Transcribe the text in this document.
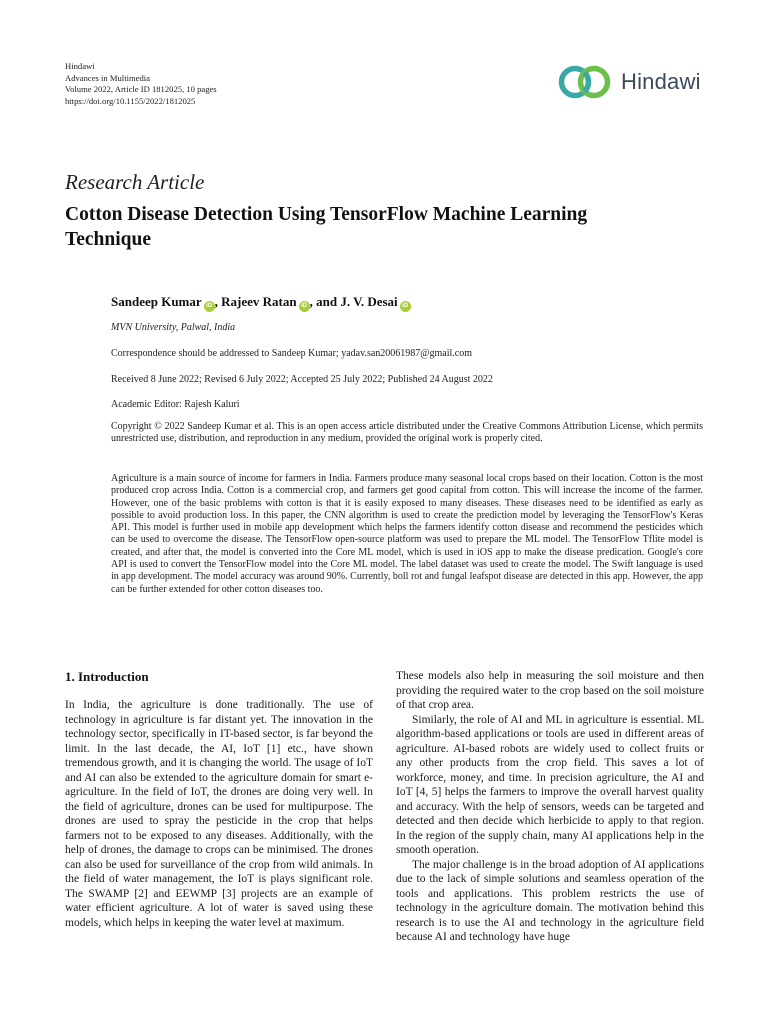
Hindawi
Advances in Multimedia
Volume 2022, Article ID 1812025, 10 pages
https://doi.org/10.1155/2022/1812025
Hindawi
Research Article
Cotton Disease Detection Using TensorFlow Machine Learning Technique
Sandeep Kumar iD , Rajeev Ratan iD , and J. V. Desai iD
MVN University, Palwal, India
Correspondence should be addressed to Sandeep Kumar; yadav.san20061987@gmail.com
Received 8 June 2022; Revised 6 July 2022; Accepted 25 July 2022; Published 24 August 2022
Academic Editor: Rajesh Kaluri
Copyright © 2022 Sandeep Kumar et al. This is an open access article distributed under the Creative Commons Attribution License, which permits unrestricted use, distribution, and reproduction in any medium, provided the original work is properly cited.
Agriculture is a main source of income for farmers in India. Farmers produce many seasonal local crops based on their location. Cotton is the most produced crop across India. Cotton is a commercial crop, and farmers get good capital from cotton. This will increase the income of the farmer. However, one of the basic problems with cotton is that it is easily exposed to many diseases. These diseases need to be identified as early as possible to avoid production loss. In this paper, the CNN algorithm is used to create the prediction model by leveraging the TensorFlow's Keras API. This model is further used in mobile app development which helps the farmers identify cotton disease and recommend the pesticides which can be used to overcome the disease. The TensorFlow open-source platform was used to prepare the ML model. The TensorFlow Tflite model is created, and after that, the model is converted into the Core ML model, which is used in iOS app to make the disease predication. Google's core API is used to convert the TensorFlow model into the Core ML model. The label dataset was used to create the model. The Swift language is used in app development. The model accuracy was around 90%. Currently, boll rot and fungal leafspot disease are detected in this app. However, the app can be further extended for other cotton diseases too.
1. Introduction

In India, the agriculture is done traditionally. The use of technology in agriculture is far distant yet. The innovation in the technology sector, specifically in IT-based sector, is far beyond the limit. In the last decade, the AI, IoT [1] etc., have shown tremendous growth, and it is changing the world. The usage of IoT and AI can also be extended to the agriculture domain for smart e-agriculture. In the field of IoT, the drones are doing very well. In the field of agriculture, drones can be used for multipurpose. The drones are used to spray the pesticide in the crop that helps farmers not to be exposed to any diseases. Additionally, with the help of drones, the damage to crops can be minimised. The drones can also be used for surveillance of the crop from wild animals. In the field of water management, the IoT is plays significant role. The SWAMP [2] and EEWMP [3] projects are an example of water efficient agriculture. A lot of water is saved using these models, which helps in keeping the water level at maximum.

These models also help in measuring the soil moisture and then providing the required water to the crop based on the soil moisture of that crop area.

Similarly, the role of AI and ML in agriculture is essential. ML algorithm-based applications or tools are used in different areas of agriculture. AI-based robots are widely used to collect fruits or any other products from the crop field. This saves a lot of workforce, money, and time. In precision agriculture, the AI and IoT [4, 5] helps the farmers to improve the overall harvest quality and accuracy. With the help of sensors, weeds can be targeted and detected and then decide which herbicide to apply to that region. In the region of the supply chain, many AI applications help in the smooth operation.

The major challenge is in the broad adoption of AI applications due to the lack of simple solutions and seamless operation of the tools and applications. This problem restricts the use of technology in the agriculture domain. The motivation behind this research is to use the AI and technology in the agriculture field because AI and technology have huge
